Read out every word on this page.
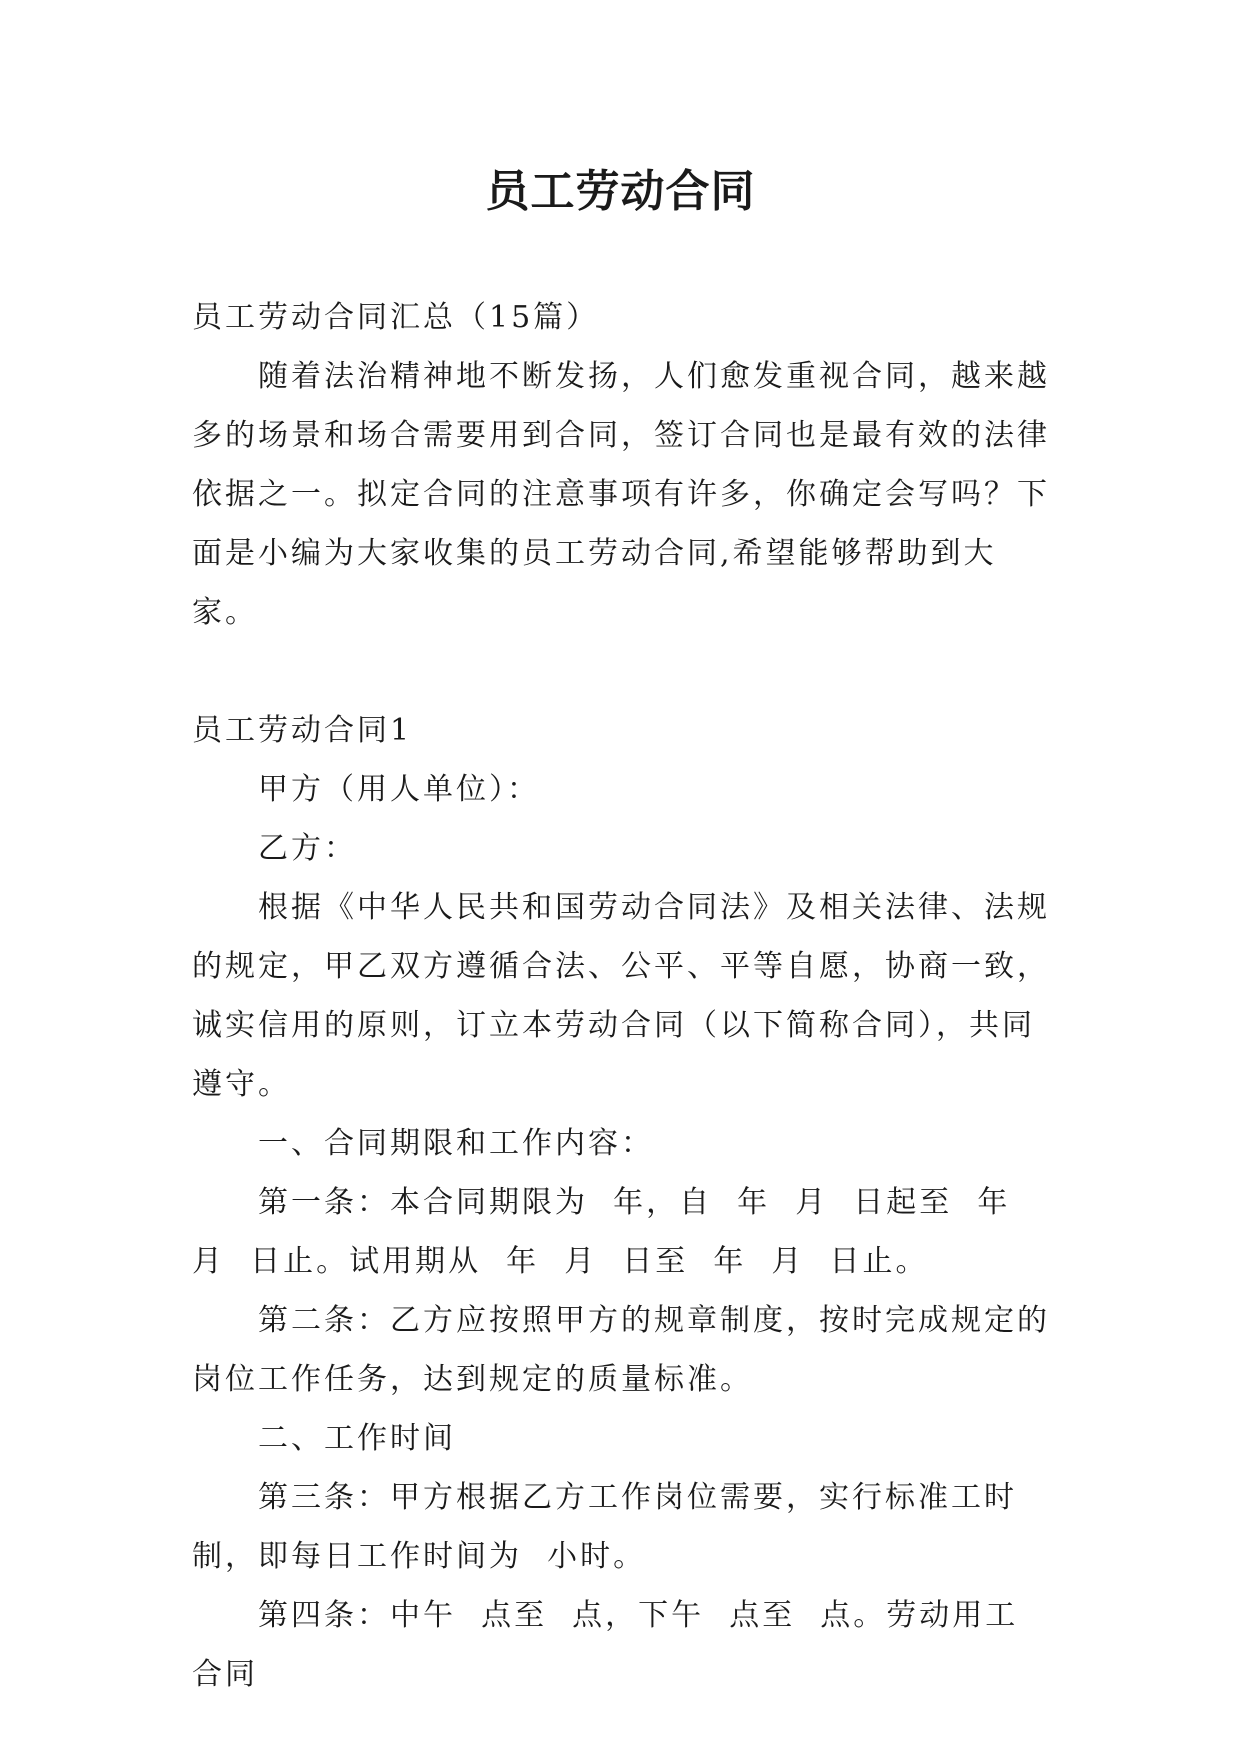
员工劳动合同

员工劳动合同汇总（15篇）

随着法治精神地不断发扬，人们愈发重视合同，越来越多的场景和场合需要用到合同，签订合同也是最有效的法律依据之一。拟定合同的注意事项有许多，你确定会写吗？下面是小编为大家收集的员工劳动合同,希望能够帮助到大家。

员工劳动合同1

甲方（用人单位）：

乙方：

根据《中华人民共和国劳动合同法》及相关法律、法规的规定，甲乙双方遵循合法、公平、平等自愿，协商一致，诚实信用的原则，订立本劳动合同（以下简称合同），共同遵守。

一、合同期限和工作内容：

第一条：本合同期限为  年，自  年  月  日起至  年  月  日止。试用期从  年  月  日至  年  月  日止。

第二条：乙方应按照甲方的规章制度，按时完成规定的岗位工作任务，达到规定的质量标准。

二、工作时间

第三条：甲方根据乙方工作岗位需要，实行标准工时制，即每日工作时间为  小时。

第四条：中午  点至  点，下午  点至  点。劳动用工合同
